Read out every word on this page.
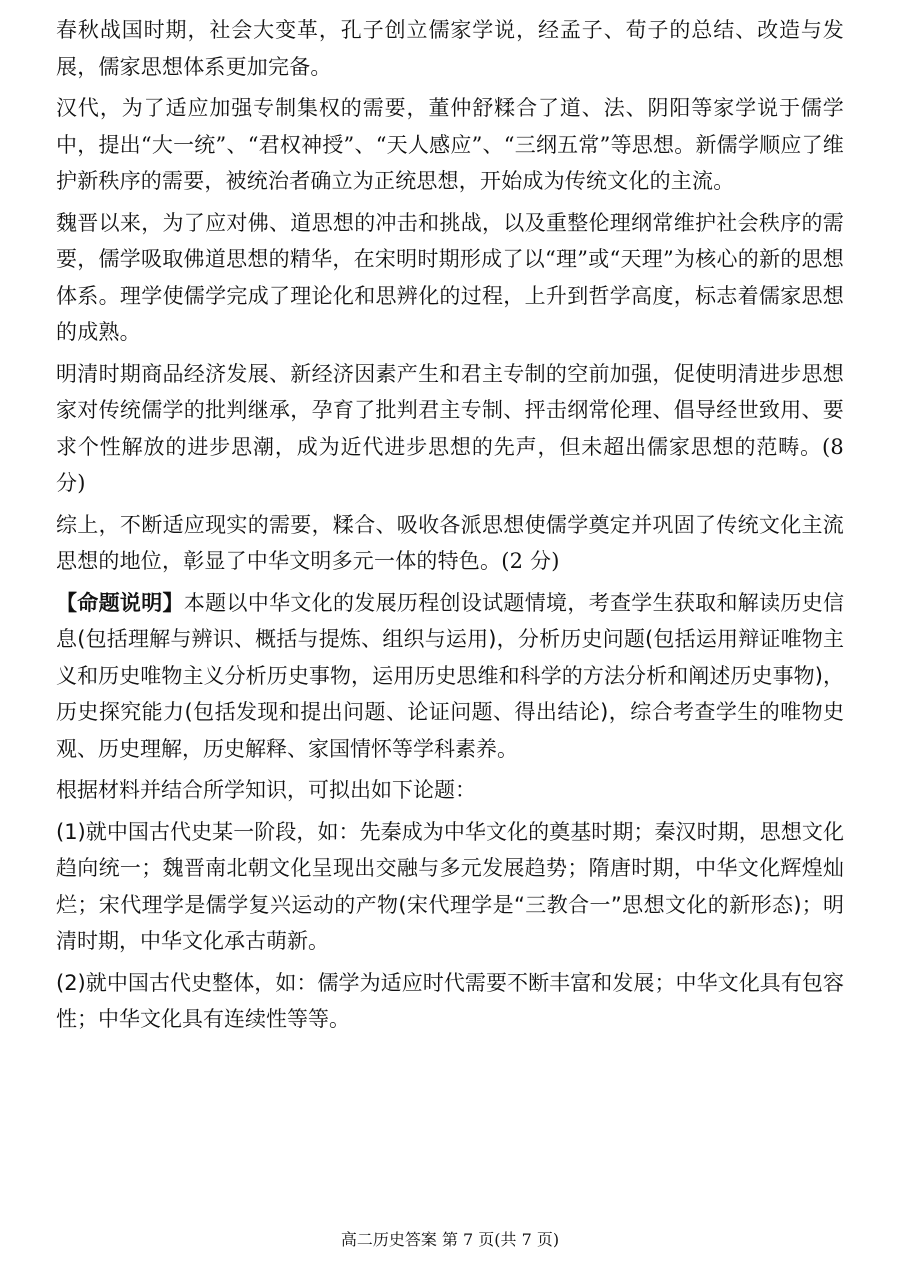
春秋战国时期，社会大变革，孔子创立儒家学说，经孟子、荀子的总结、改造与发展，儒家思想体系更加完备。

汉代，为了适应加强专制集权的需要，董仲舒糅合了道、法、阴阳等家学说于儒学中，提出“大一统”、“君权神授”、“天人感应”、“三纲五常”等思想。新儒学顺应了维护新秩序的需要，被统治者确立为正统思想，开始成为传统文化的主流。

魏晋以来，为了应对佛、道思想的冲击和挑战，以及重整伦理纲常维护社会秩序的需要，儒学吸取佛道思想的精华，在宋明时期形成了以“理”或“天理”为核心的新的思想体系。理学使儒学完成了理论化和思辨化的过程，上升到哲学高度，标志着儒家思想的成熟。

明清时期商品经济发展、新经济因素产生和君主专制的空前加强，促使明清进步思想家对传统儒学的批判继承，孕育了批判君主专制、抨击纲常伦理、倡导经世致用、要求个性解放的进步思潮，成为近代进步思想的先声，但未超出儒家思想的范畴。(8 分)

综上，不断适应现实的需要，糅合、吸收各派思想使儒学奠定并巩固了传统文化主流思想的地位，彰显了中华文明多元一体的特色。(2 分)

【命题说明】本题以中华文化的发展历程创设试题情境，考查学生获取和解读历史信息(包括理解与辨识、概括与提炼、组织与运用)，分析历史问题(包括运用辩证唯物主义和历史唯物主义分析历史事物，运用历史思维和科学的方法分析和阐述历史事物)，历史探究能力(包括发现和提出问题、论证问题、得出结论)，综合考查学生的唯物史观、历史理解，历史解释、家国情怀等学科素养。

根据材料并结合所学知识，可拟出如下论题：

(1)就中国古代史某一阶段，如：先秦成为中华文化的奠基时期；秦汉时期，思想文化趋向统一；魏晋南北朝文化呈现出交融与多元发展趋势；隋唐时期，中华文化辉煌灿烂；宋代理学是儒学复兴运动的产物(宋代理学是“三教合一”思想文化的新形态)；明清时期，中华文化承古萌新。

(2)就中国古代史整体，如：儒学为适应时代需要不断丰富和发展；中华文化具有包容性；中华文化具有连续性等等。

高二历史答案 第 7 页(共 7 页)
